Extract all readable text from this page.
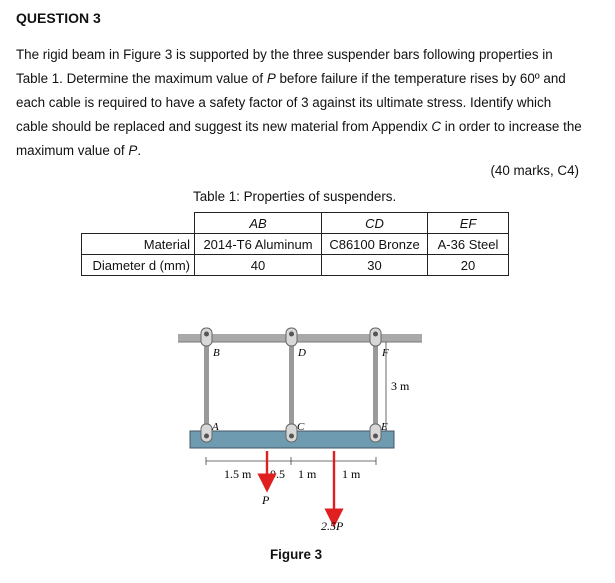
QUESTION 3
The rigid beam in Figure 3 is supported by the three suspender bars following properties in Table 1. Determine the maximum value of P before failure if the temperature rises by 60º and each cable is required to have a safety factor of 3 against its ultimate stress. Identify which cable should be replaced and suggest its new material from Appendix C in order to increase the maximum value of P.
(40 marks, C4)
Table 1: Properties of suspenders.
	AB	CD	EF
Material	2014-T6 Aluminum	C86100 Bronze	A-36 Steel
Diameter d (mm)	40	30	20
B	D	F
A	C	E
3 m
1.5 m 0.5 1 m 1 m
P
2.5P
Figure 3
